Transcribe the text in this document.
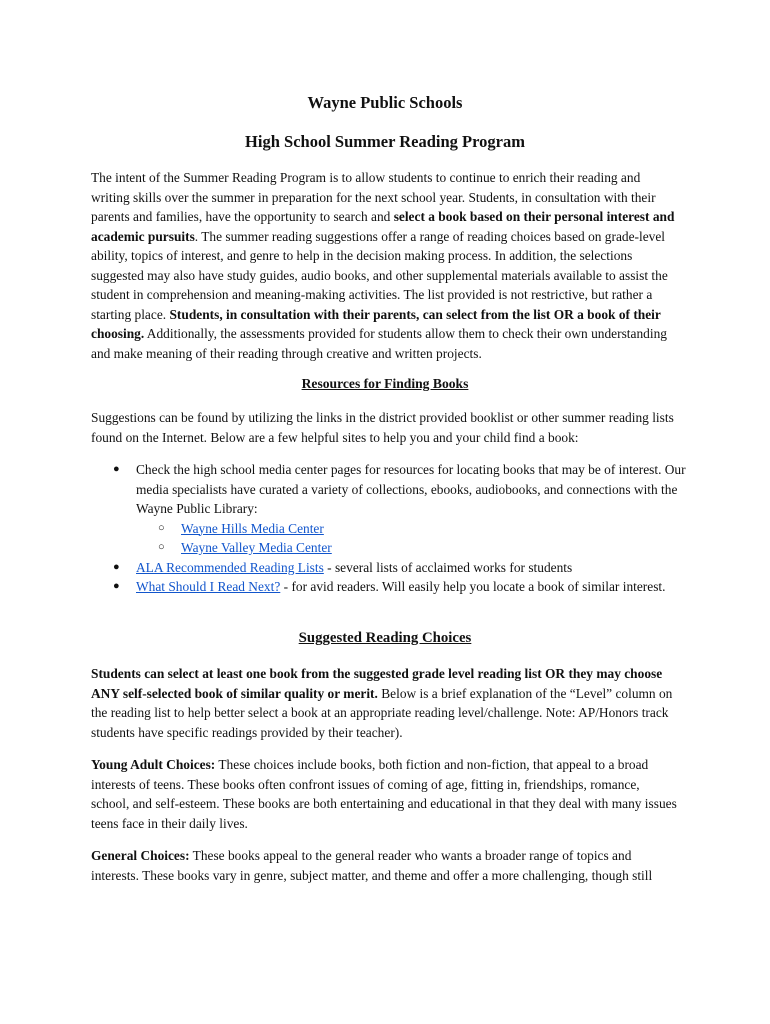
Wayne Public Schools
High School Summer Reading Program

The intent of the Summer Reading Program is to allow students to continue to enrich their reading and writing skills over the summer in preparation for the next school year. Students, in consultation with their parents and families, have the opportunity to search and select a book based on their personal interest and academic pursuits. The summer reading suggestions offer a range of reading choices based on grade-level ability, topics of interest, and genre to help in the decision making process. In addition, the selections suggested may also have study guides, audio books, and other supplemental materials available to assist the student in comprehension and meaning-making activities. The list provided is not restrictive, but rather a starting place. Students, in consultation with their parents, can select from the list OR a book of their choosing. Additionally, the assessments provided for students allow them to check their own understanding and make meaning of their reading through creative and written projects.

Resources for Finding Books

Suggestions can be found by utilizing the links in the district provided booklist or other summer reading lists found on the Internet. Below are a few helpful sites to help you and your child find a book:

● Check the high school media center pages for resources for locating books that may be of interest. Our media specialists have curated a variety of collections, ebooks, audiobooks, and connections with the Wayne Public Library:
○ Wayne Hills Media Center
○ Wayne Valley Media Center
● ALA Recommended Reading Lists - several lists of acclaimed works for students
● What Should I Read Next? - for avid readers. Will easily help you locate a book of similar interest.
Suggested Reading Choices

Students can select at least one book from the suggested grade level reading list OR they may choose ANY self-selected book of similar quality or merit. Below is a brief explanation of the “Level” column on the reading list to help better select a book at an appropriate reading level/challenge. Note: AP/Honors track students have specific readings provided by their teacher).

Young Adult Choices: These choices include books, both fiction and non-fiction, that appeal to a broad interests of teens. These books often confront issues of coming of age, fitting in, friendships, romance, school, and self-esteem. These books are both entertaining and educational in that they deal with many issues teens face in their daily lives.

General Choices: These books appeal to the general reader who wants a broader range of topics and interests. These books vary in genre, subject matter, and theme and offer a more challenging, though still
